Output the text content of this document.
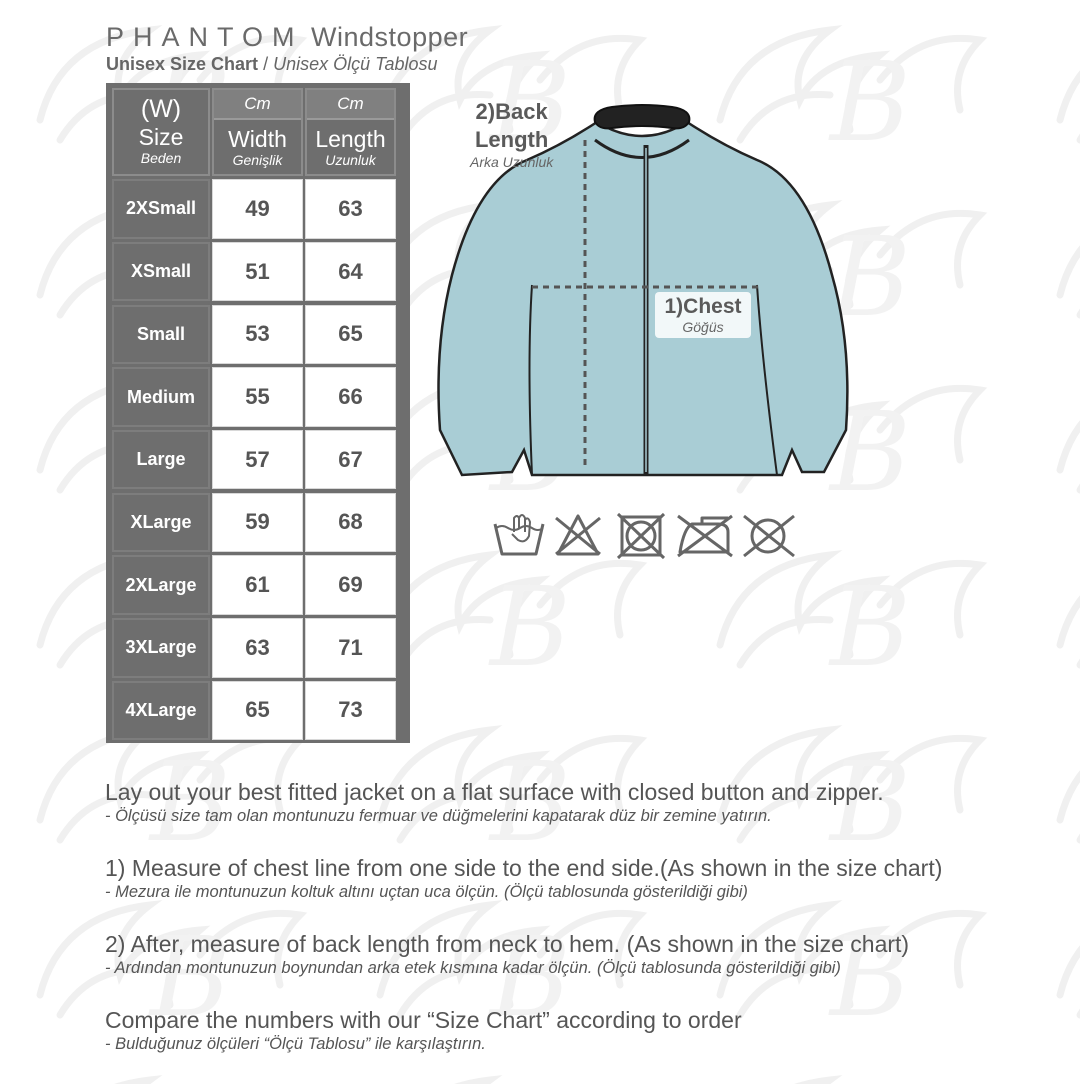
PHANTOM Windstopper
Unisex Size Chart / Unisex Ölçü Tablosu
(W)
Size
Beden
Cm
Width
Genişlik
Cm
Length
Uzunluk
2XSmall	49	63
XSmall	51	64
Small	53	65
Medium	55	66
Large	57	67
XLarge	59	68
2XLarge	61	69
3XLarge	63	71
4XLarge	65	73
2)Back
Length
Arka Uzunluk
1)Chest
Göğüs
Lay out your best fitted jacket on a flat surface with closed button and zipper.
- Ölçüsü size tam olan montunuzu fermuar ve düğmelerini kapatarak düz bir zemine yatırın.
1) Measure of chest line from one side to the end side.(As shown in the size chart)
- Mezura ile montunuzun koltuk altını uçtan uca ölçün. (Ölçü tablosunda gösterildiği gibi)
2) After, measure of back length from neck to hem. (As shown in the size chart)
- Ardından montunuzun boynundan arka etek kısmına kadar ölçün. (Ölçü tablosunda gösterildiği gibi)
Compare the numbers with our “Size Chart” according to order
- Bulduğunuz ölçüleri “Ölçü Tablosu” ile karşılaştırın.
